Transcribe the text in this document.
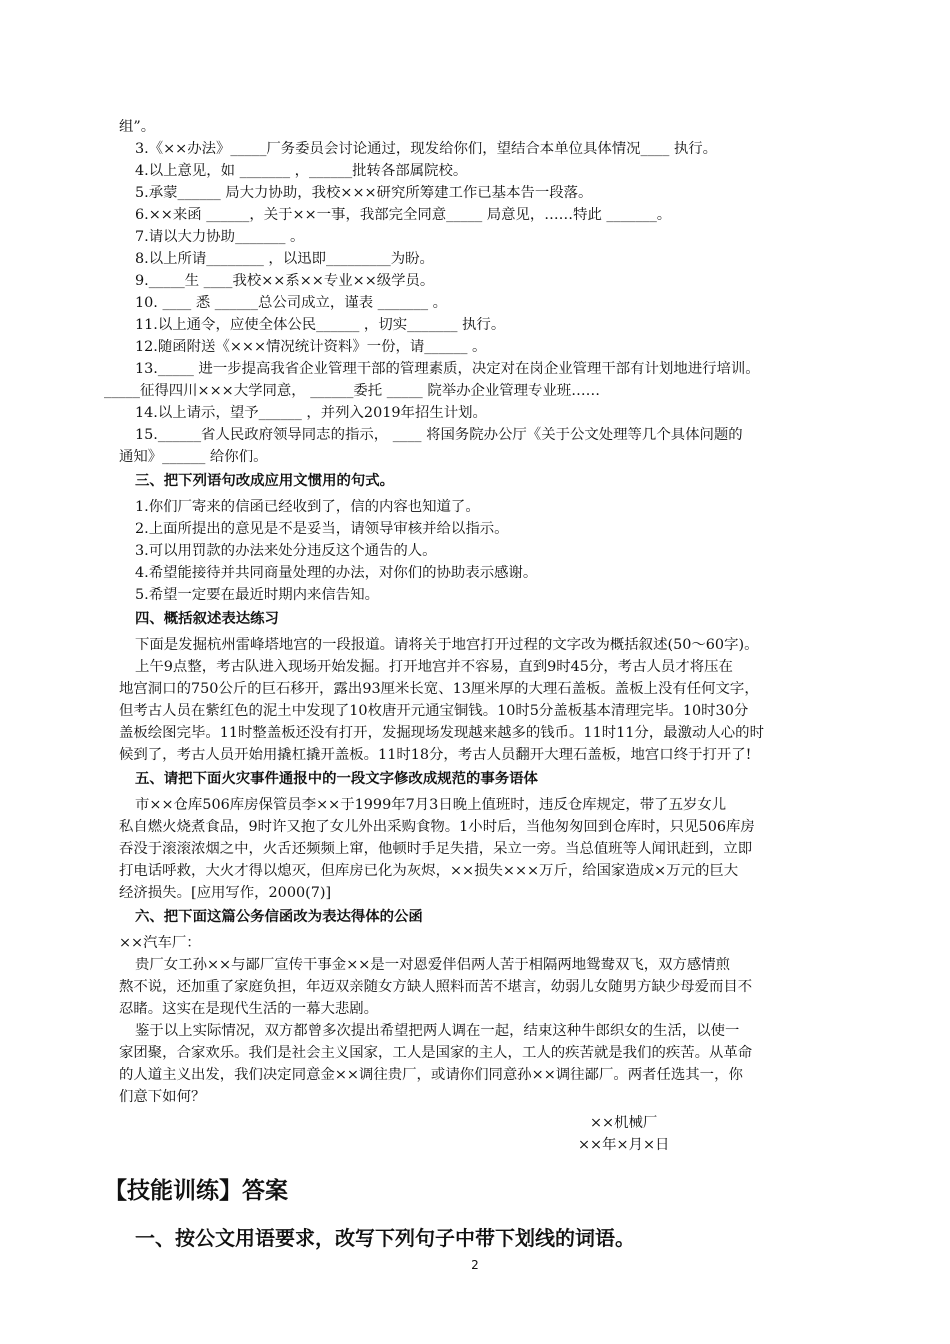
组”。
3.《××办法》_____厂务委员会讨论通过，现发给你们，望结合本单位具体情况____ 执行。
4.以上意见，如 _______ ，______批转各部属院校。
5.承蒙______ 局大力协助，我校×××研究所筹建工作已基本告一段落。
6.××来函 ______，关于××一事，我部完全同意_____ 局意见，……特此 _______。
7.请以大力协助_______ 。
8.以上所请________ ，以迅即_________为盼。
9._____生 ____我校××系××专业××级学员。
10. ____ 悉 ______总公司成立，谨表 _______ 。
11.以上通令，应使全体公民______ ，切实_______ 执行。
12.随函附送《×××情况统计资料》一份，请______ 。
13._____ 进一步提高我省企业管理干部的管理素质，决定对在岗企业管理干部有计划地进行培训。
_____征得四川×××大学同意， ______委托 _____ 院举办企业管理专业班……
14.以上请示，望予______ ，并列入2019年招生计划。
15.______省人民政府领导同志的指示， ____ 将国务院办公厅《关于公文处理等几个具体问题的
通知》______ 给你们。
三、把下列语句改成应用文惯用的句式。
1.你们厂寄来的信函已经收到了，信的内容也知道了。
2.上面所提出的意见是不是妥当，请领导审核并给以指示。
3.可以用罚款的办法来处分违反这个通告的人。
4.希望能接待并共同商量处理的办法，对你们的协助表示感谢。
5.希望一定要在最近时期内来信告知。
四、概括叙述表达练习
下面是发掘杭州雷峰塔地宫的一段报道。请将关于地宫打开过程的文字改为概括叙述(50～60字)。
上午9点整，考古队进入现场开始发掘。打开地宫并不容易，直到9时45分，考古人员才将压在
地宫洞口的750公斤的巨石移开，露出93厘米长宽、13厘米厚的大理石盖板。盖板上没有任何文字，
但考古人员在紫红色的泥土中发现了10枚唐开元通宝铜钱。10时5分盖板基本清理完毕。10时30分
盖板绘图完毕。11时整盖板还没有打开，发掘现场发现越来越多的钱币。11时11分，最激动人心的时
候到了，考古人员开始用撬杠撬开盖板。11时18分，考古人员翻开大理石盖板，地宫口终于打开了!
五、请把下面火灾事件通报中的一段文字修改成规范的事务语体
市××仓库506库房保管员李××于1999年7月3日晚上值班时，违反仓库规定，带了五岁女儿
私自燃火烧煮食品，9时许又抱了女儿外出采购食物。1小时后，当他匆匆回到仓库时，只见506库房
吞没于滚滚浓烟之中，火舌还频频上窜，他顿时手足失措，呆立一旁。当总值班等人闻讯赶到，立即
打电话呼救，大火才得以熄灭，但库房已化为灰烬，××损失×××万斤，给国家造成×万元的巨大
经济损失。[应用写作，2000(7)]
六、把下面这篇公务信函改为表达得体的公函
××汽车厂：
贵厂女工孙××与鄙厂宣传干事金××是一对恩爱伴侣两人苦于相隔两地鸳鸯双飞，双方感情煎
熬不说，还加重了家庭负担，年迈双亲随女方缺人照料而苦不堪言，幼弱儿女随男方缺少母爱而目不
忍睹。这实在是现代生活的一幕大悲剧。
鉴于以上实际情况，双方都曾多次提出希望把两人调在一起，结束这种牛郎织女的生活，以使一
家团聚，合家欢乐。我们是社会主义国家，工人是国家的主人，工人的疾苦就是我们的疾苦。从革命
的人道主义出发，我们决定同意金××调往贵厂，或请你们同意孙××调往鄙厂。两者任选其一，你
们意下如何？
××机械厂
××年×月×日
【技能训练】答案
一、按公文用语要求，改写下列句子中带下划线的词语。
2
